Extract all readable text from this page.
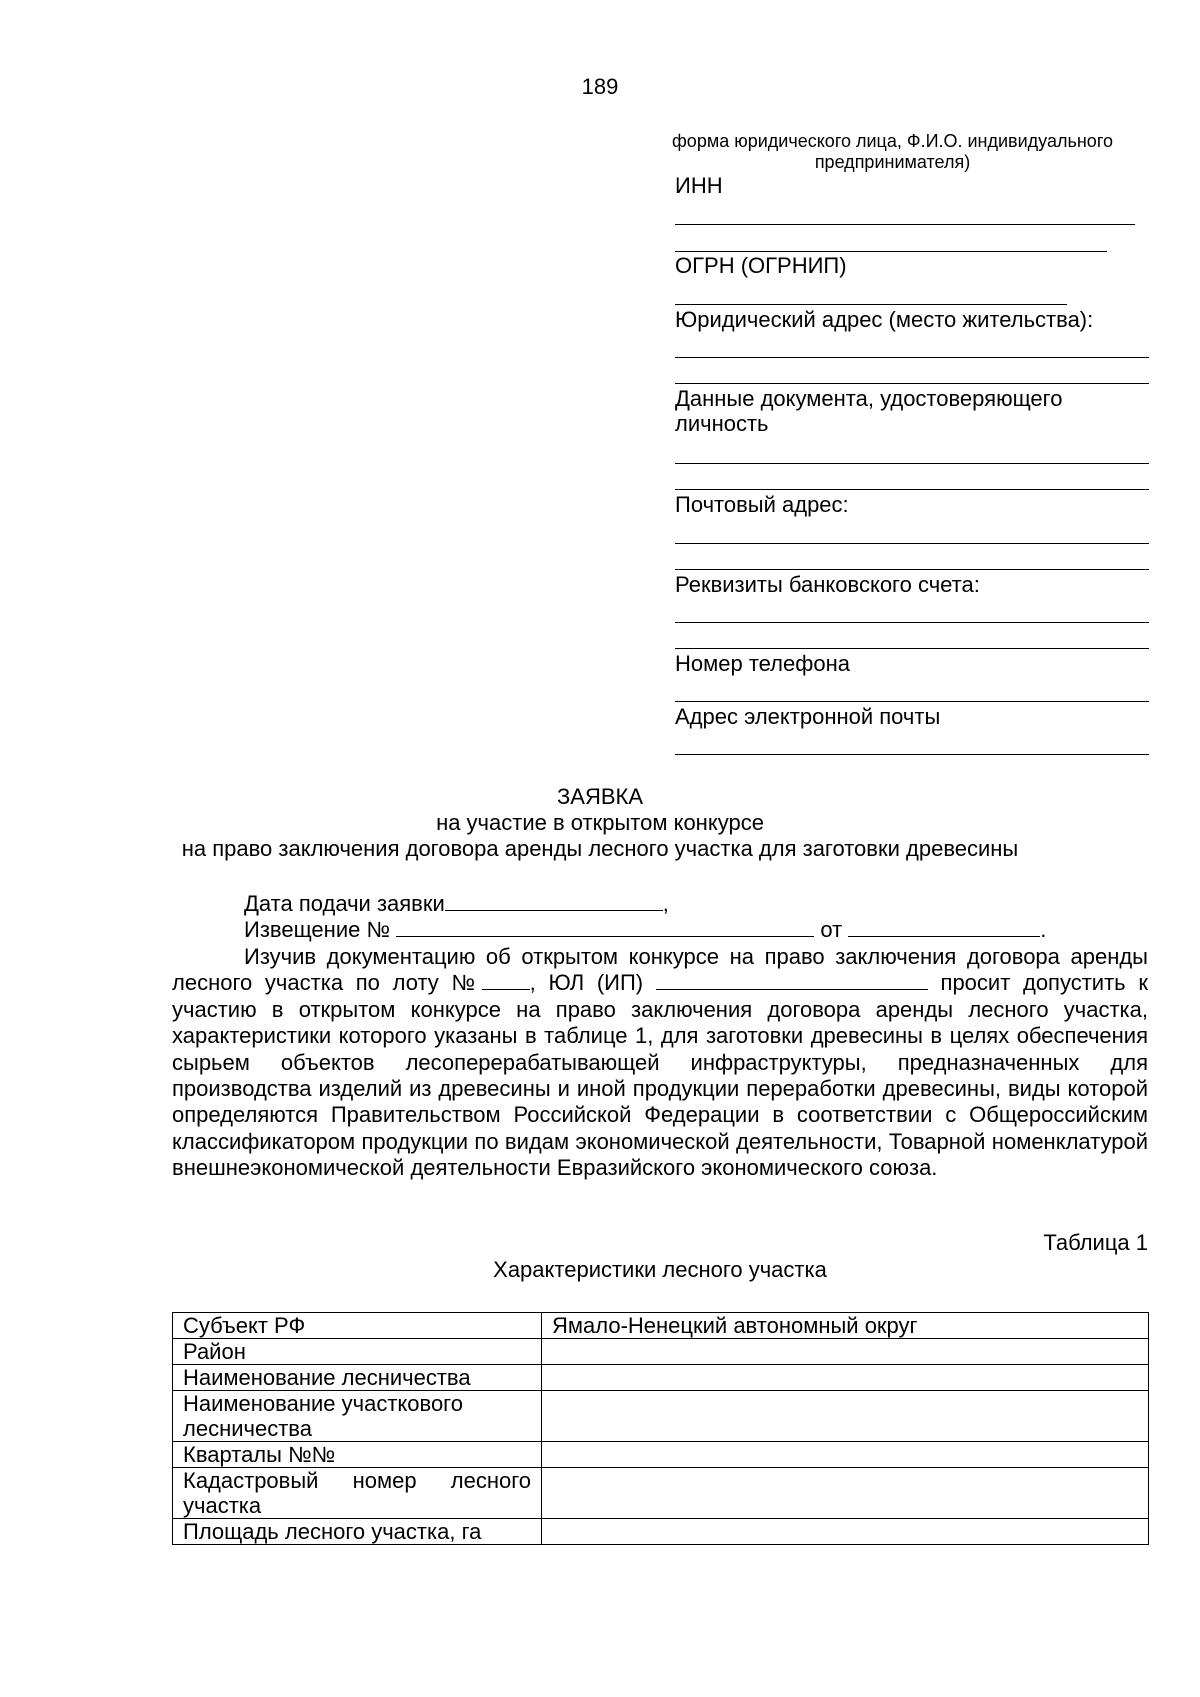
189
форма юридического лица, Ф.И.О. индивидуального
предпринимателя)
ИНН
ОГРН (ОГРНИП)
Юридический адрес (место жительства):
Данные документа, удостоверяющего
личность
Почтовый адрес:
Реквизиты банковского счета:
Номер телефона
Адрес электронной почты
ЗАЯВКА
на участие в открытом конкурсе
на право заключения договора аренды лесного участка для заготовки древесины
Дата подачи заявки	,
Извещение №	от	.
Изучив документацию об открытом конкурсе на право заключения договора аренды лесного участка по лоту № , ЮЛ (ИП)	просит допустить к участию в открытом конкурсе на право заключения договора аренды лесного участка, характеристики которого указаны в таблице 1, для заготовки древесины в целях обеспечения сырьем объектов лесоперерабатывающей инфраструктуры, предназначенных для производства изделий из древесины и иной продукции переработки древесины, виды которой определяются Правительством Российской Федерации в соответствии с Общероссийским классификатором продукции по видам экономической деятельности, Товарной номенклатурой внешнеэкономической деятельности Евразийского экономического союза.
Таблица 1
Характеристики лесного участка
Субъект РФ	Ямало-Ненецкий автономный округ
Район	
Наименование лесничества	
Наименование участкового лесничества	
Кварталы №№	
Кадастровый номер лесного участка	
Площадь лесного участка, га	
